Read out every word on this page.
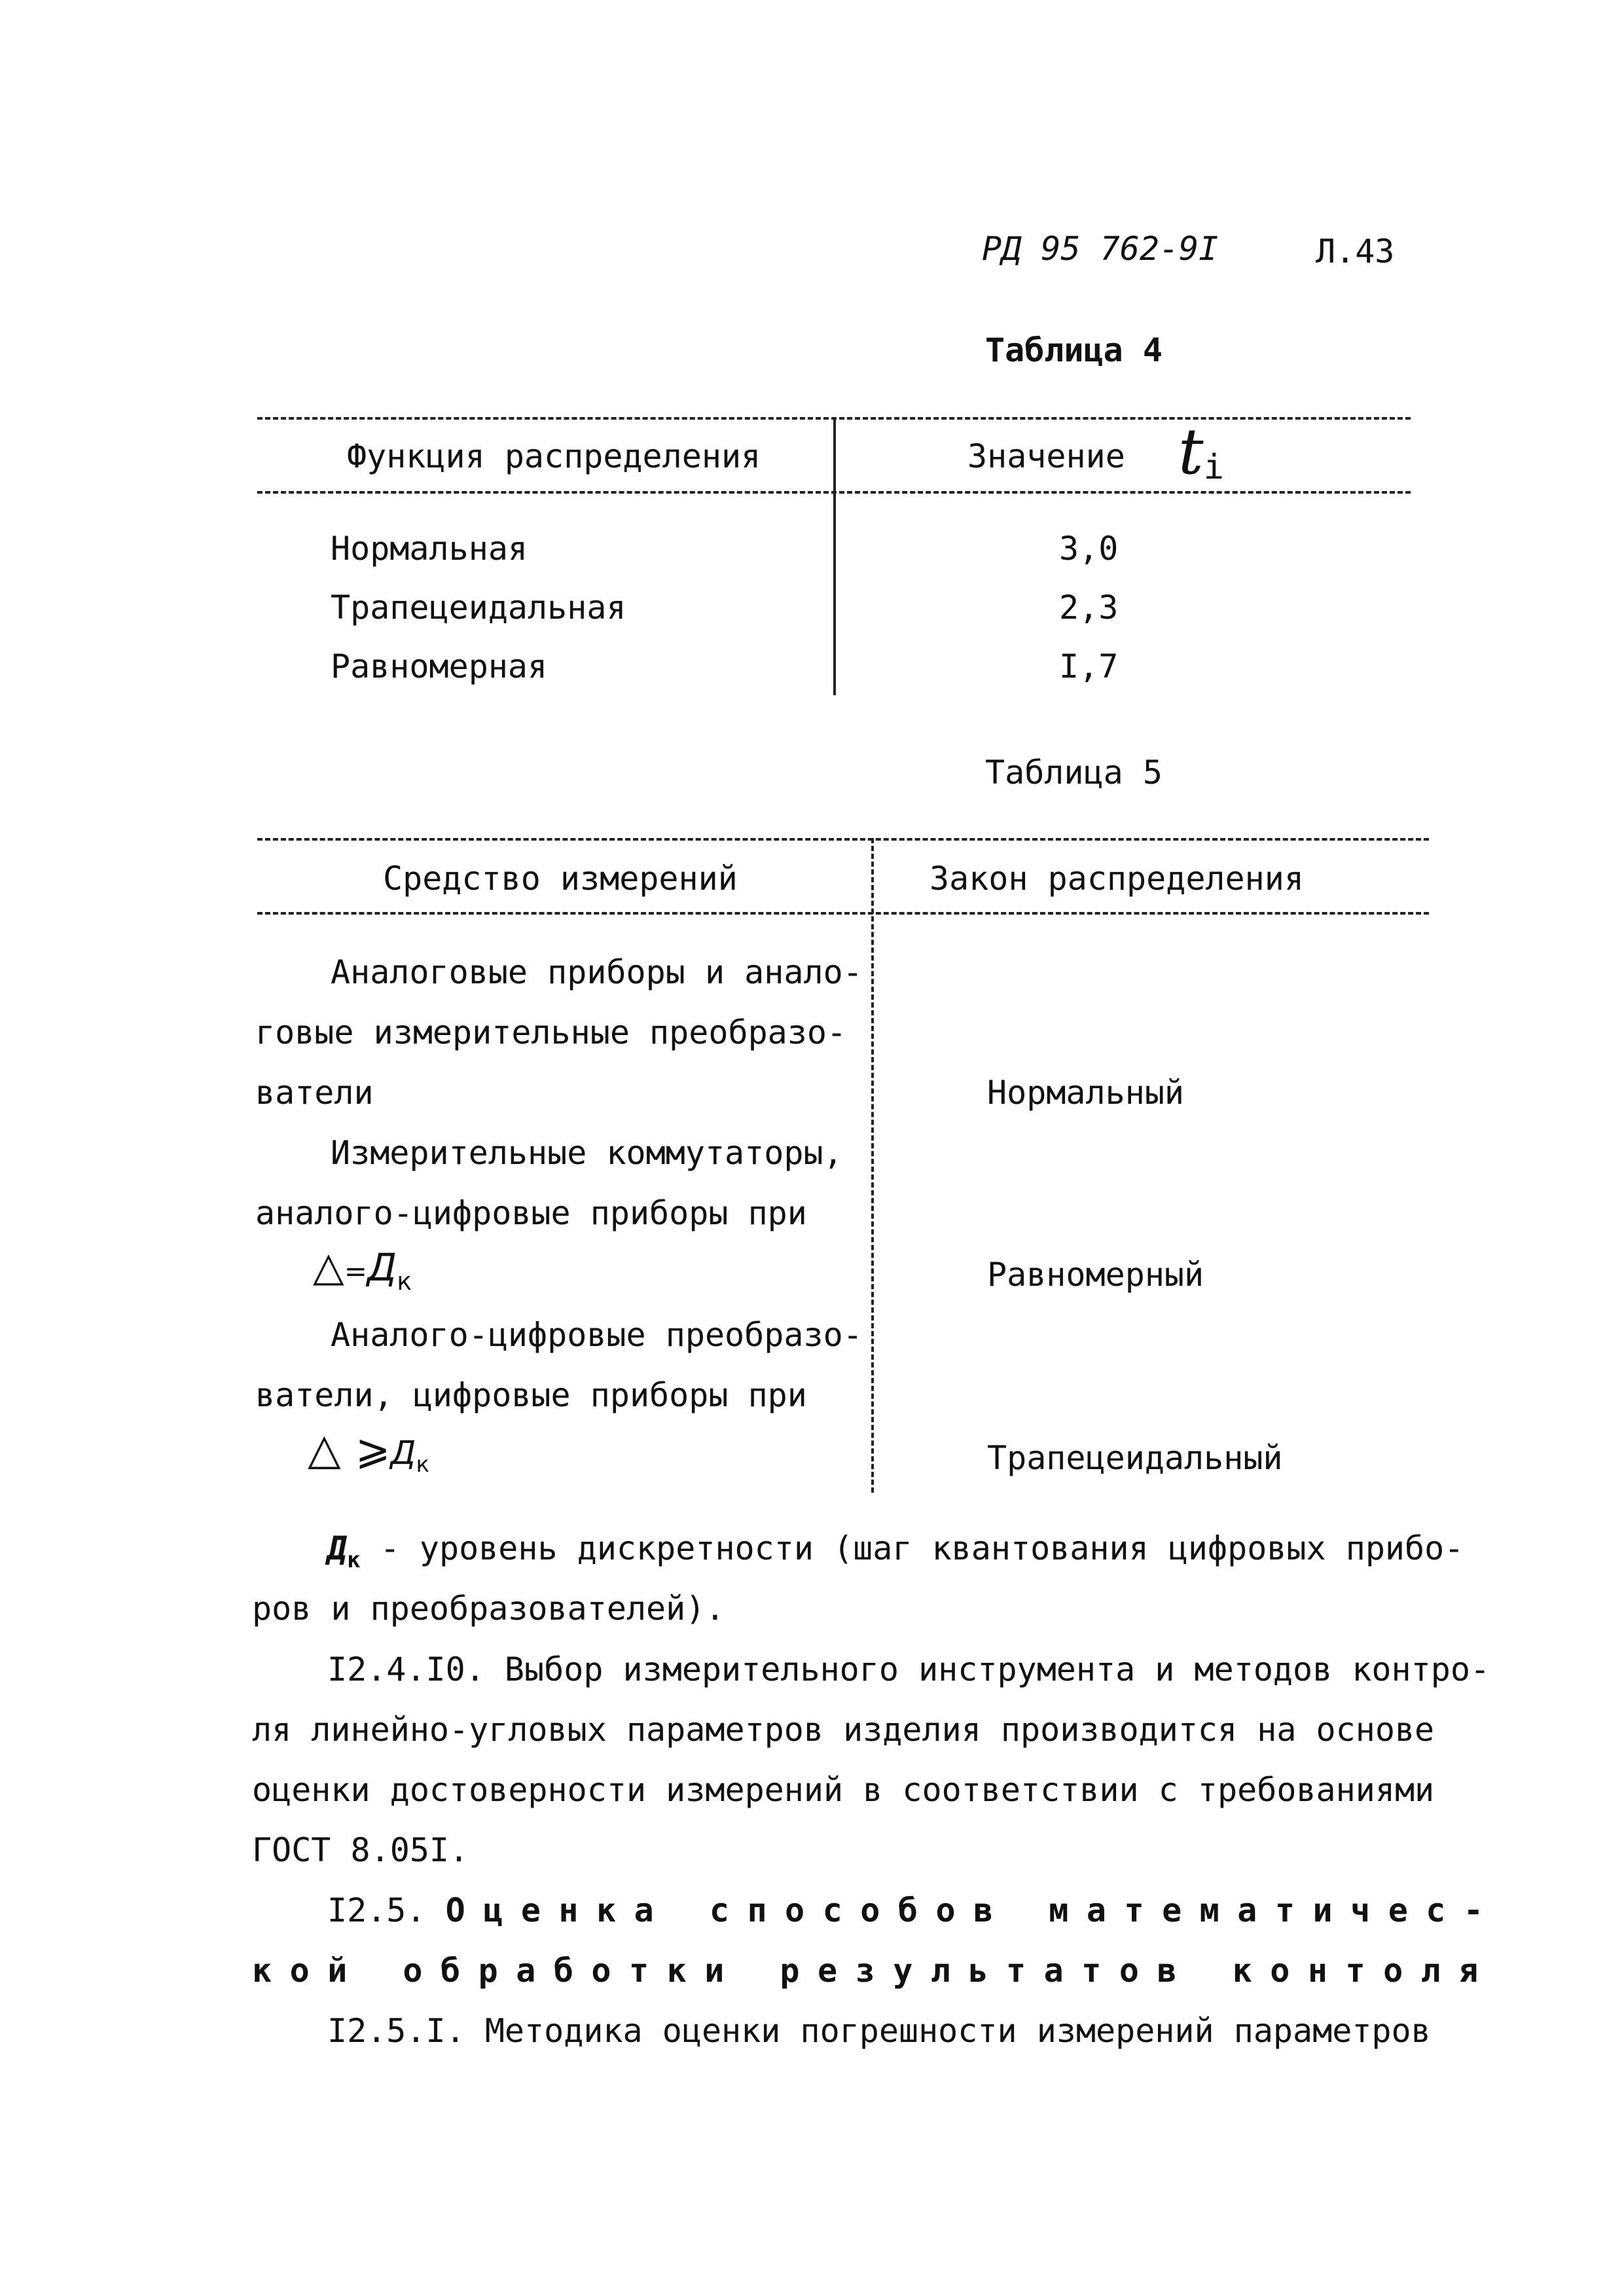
РД 95 762-9I	Л.43
Таблица 4
Функция распределения	Значение ti
Нормальная	3,0
Трапецеидальная	2,3
Равномерная	I,7
Таблица 5
Средство измерений	Закон распределения
Аналоговые приборы и анало-
говые измерительные преобразо-
ватели	Нормальный
Измерительные коммутаторы,
аналого-цифровые приборы при
$\triangle=Д_к$	Равномерный
Аналого-цифровые преобразо-
ватели, цифровые приборы при
△ ⩾Дк	Трапецеидальный
$Д_к$ - уровень дискретности (шаг квантования цифровых прибо-
ров и преобразователей).
I2.4.I0. Выбор измерительного инструмента и методов контро-
ля линейно-угловых параметров изделия производится на основе
оценки достоверности измерений в соответствии с требованиями
ГОСТ 8.05I.
I2.5. Оценка способов математичес-
кой обработки результатов контоля
I2.5.I. Методика оценки погрешности измерений параметров
